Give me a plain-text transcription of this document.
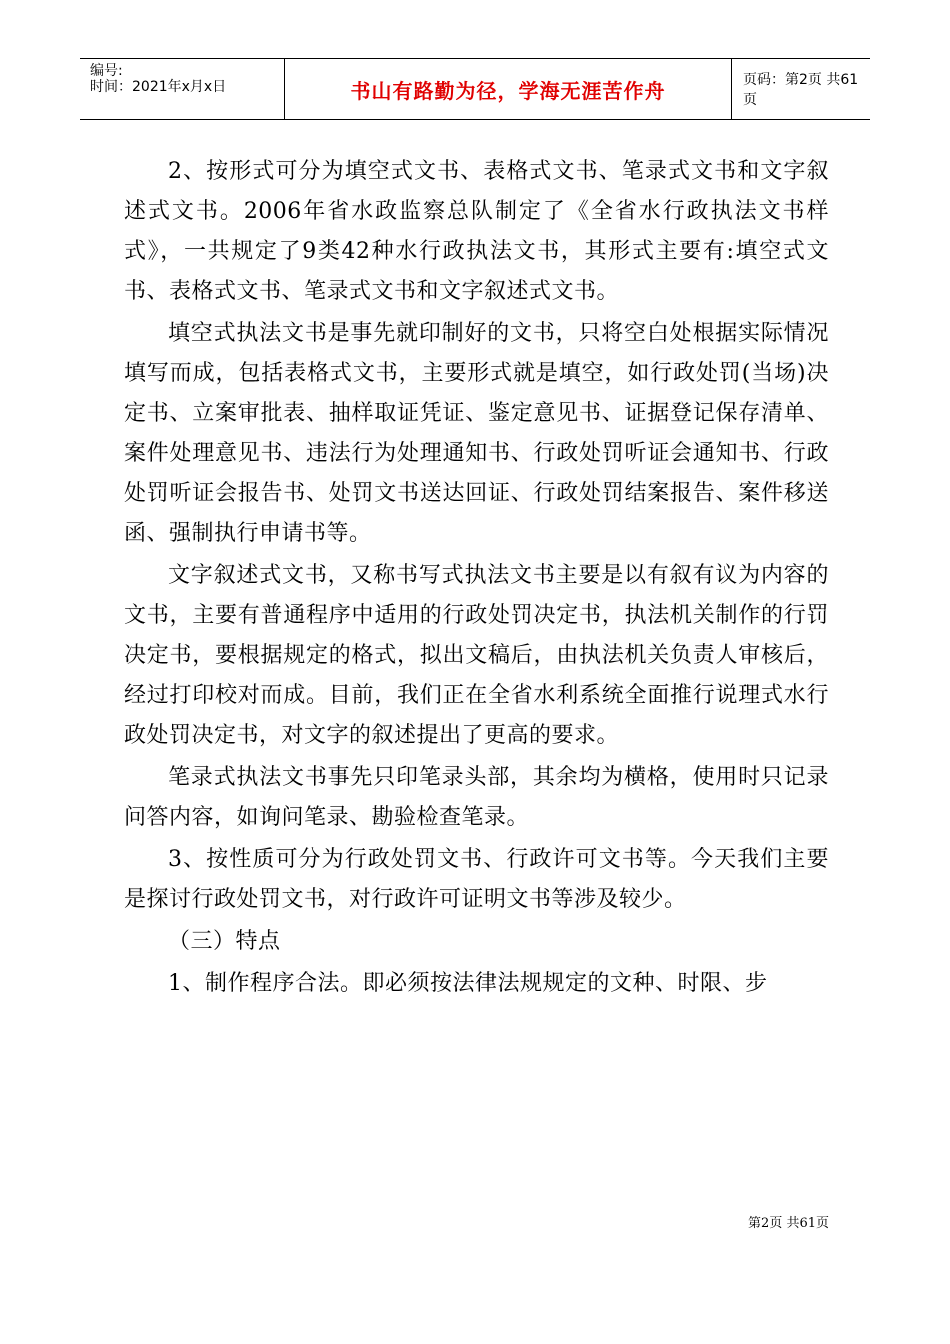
编号:
时间：2021年x月x日	书山有路勤为径，学海无涯苦作舟	页码：第2页 共61页

2、按形式可分为填空式文书、表格式文书、笔录式文书和文字叙述式文书。2006年省水政监察总队制定了《全省水行政执法文书样式》，一共规定了9类42种水行政执法文书，其形式主要有:填空式文书、表格式文书、笔录式文书和文字叙述式文书。

填空式执法文书是事先就印制好的文书，只将空白处根据实际情况填写而成，包括表格式文书，主要形式就是填空，如行政处罚(当场)决定书、立案审批表、抽样取证凭证、鉴定意见书、证据登记保存清单、案件处理意见书、违法行为处理通知书、行政处罚听证会通知书、行政处罚听证会报告书、处罚文书送达回证、行政处罚结案报告、案件移送函、强制执行申请书等。

文字叙述式文书，又称书写式执法文书主要是以有叙有议为内容的文书，主要有普通程序中适用的行政处罚决定书，执法机关制作的行罚决定书，要根据规定的格式，拟出文稿后，由执法机关负责人审核后，经过打印校对而成。目前，我们正在全省水利系统全面推行说理式水行政处罚决定书，对文字的叙述提出了更高的要求。

笔录式执法文书事先只印笔录头部，其余均为横格，使用时只记录问答内容，如询问笔录、勘验检查笔录。

3、按性质可分为行政处罚文书、行政许可文书等。今天我们主要是探讨行政处罚文书，对行政许可证明文书等涉及较少。

（三）特点

1、制作程序合法。即必须按法律法规规定的文种、时限、步

第2页 共61页
